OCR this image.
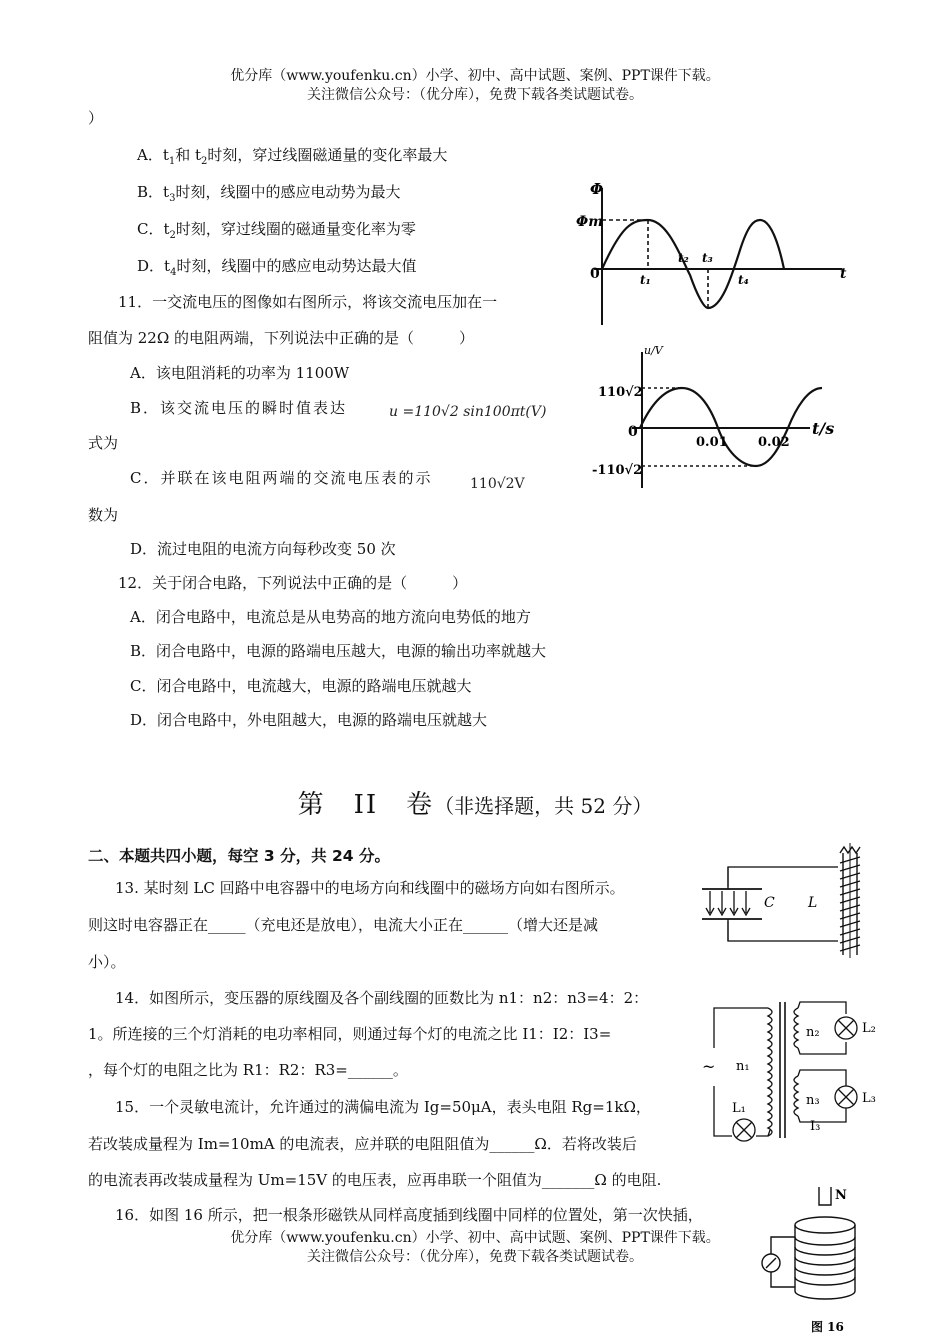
优分库（www.youfenku.cn）小学、初中、高中试题、案例、PPT课件下载。
关注微信公众号：（优分库），免费下载各类试题试卷。
）
A．$t_1$和 $t_2$时刻，穿过线圈磁通量的变化率最大
B．$t_3$时刻，线圈中的感应电动势为最大
C．$t_2$时刻，穿过线圈的磁通量变化率为零
D．$t_4$时刻，线圈中的感应电动势达最大值
Φ
Φm
0	t
t₁
t₂ t₃
t₄
11．一交流电压的图像如右图所示，将该交流电压加在一
阻值为 22Ω 的电阻两端，下列说法中正确的是（　　　）
A．该电阻消耗的功率为 1100W
B．该交流电压的瞬时值表达	u =110√2 sin100πt(V)
式为
C．并联在该电阻两端的交流电压表的示	110√2V
数为
D．流过电阻的电流方向每秒改变 50 次
u/V
110√2
-110√2
0
0.01 0.02
t/s
12．关于闭合电路，下列说法中正确的是（　　　）
A．闭合电路中，电流总是从电势高的地方流向电势低的地方
B．闭合电路中，电源的路端电压越大，电源的输出功率就越大
C．闭合电路中，电流越大，电源的路端电压就越大
D．闭合电路中，外电阻越大，电源的路端电压就越大
第　II　卷（非选择题，共 52 分）
二、本题共四小题，每空 3 分，共 24 分。
13. 某时刻 LC 回路中电容器中的电场方向和线圈中的磁场方向如右图所示。
则这时电容器正在_____（充电还是放电），电流大小正在______（增大还是减
小）。
C L
14．如图所示，变压器的原线圈及各个副线圈的匝数比为 n1：n2：n3=4：2：
1。所连接的三个灯消耗的电功率相同，则通过每个灯的电流之比 I1：I2：I3=
，每个灯的电阻之比为 R1：R2：R3=______。	~ n₁
n₂
n₃
L₂
L₃
L₁
I₃
15．一个灵敏电流计，允许通过的满偏电流为 Ig=50μA，表头电阻 Rg=1kΩ，
若改装成量程为 Im=10mA 的电流表，应并联的电阻阻值为______Ω．若将改装后
的电流表再改装成量程为 Um=15V 的电压表，应再串联一个阻值为_______Ω 的电阻.
16．如图 16 所示，把一根条形磁铁从同样高度插到线圈中同样的位置处，第一次快插，
N
图 16
优分库（www.youfenku.cn）小学、初中、高中试题、案例、PPT课件下载。
关注微信公众号：（优分库），免费下载各类试题试卷。
